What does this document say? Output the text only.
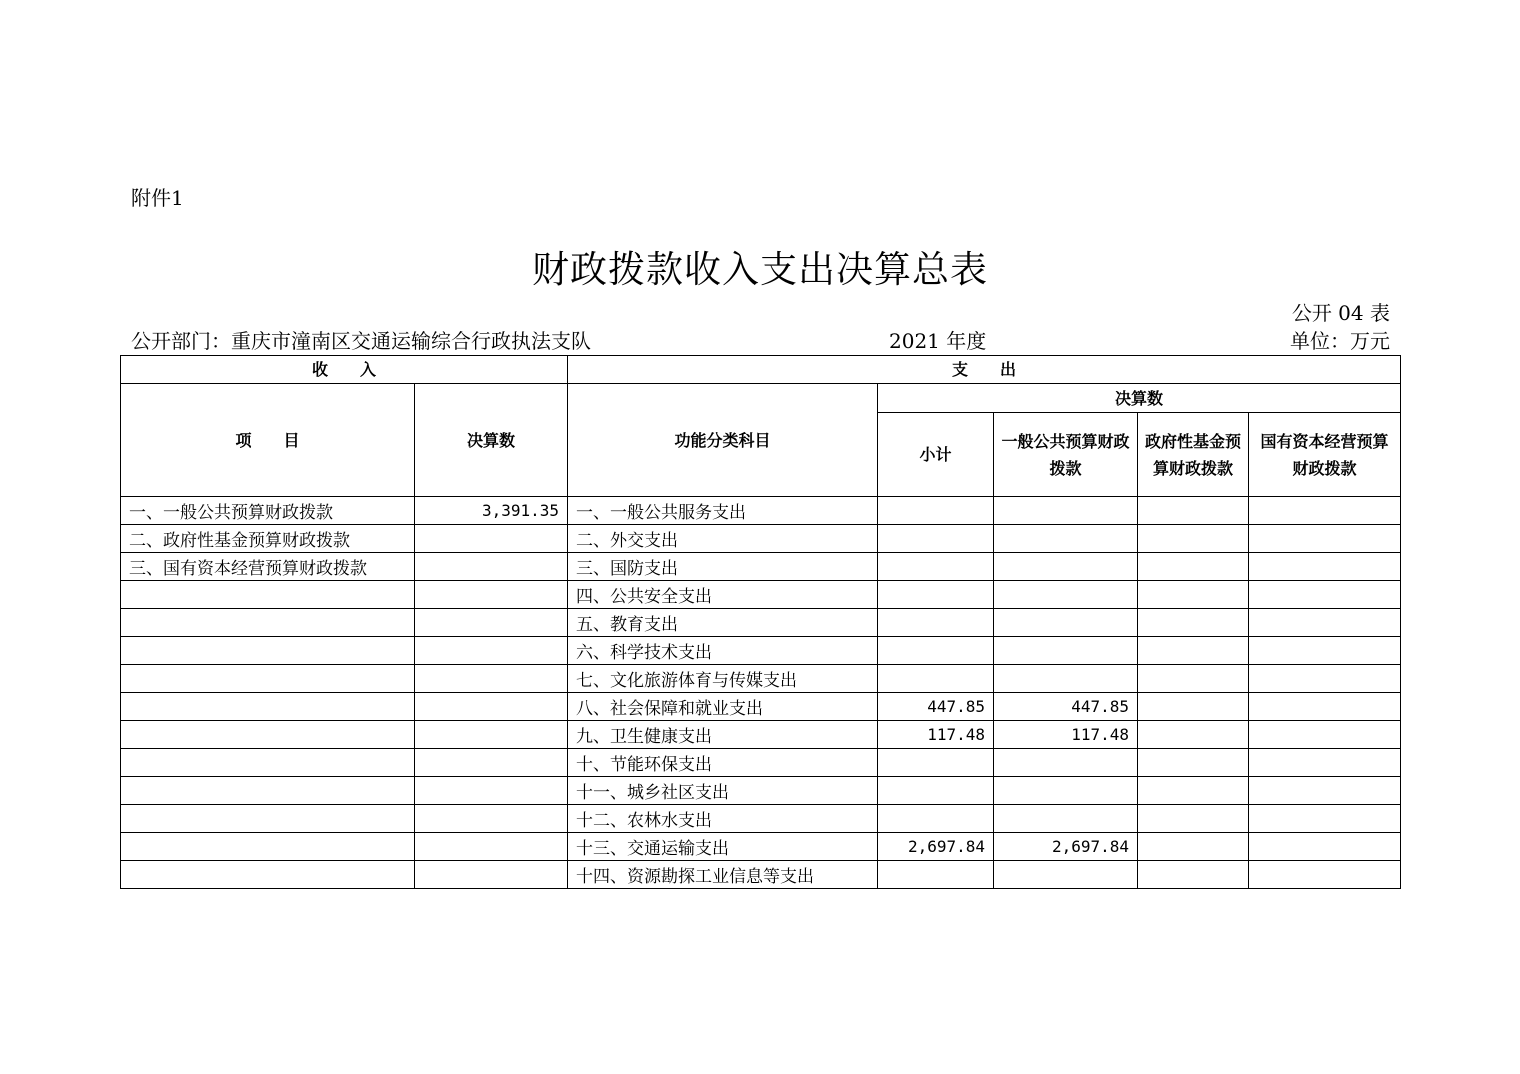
附件1
财政拨款收入支出决算总表
公开 04 表
公开部门：重庆市潼南区交通运输综合行政执法支队	2021 年度	单位：万元
收　　入		支　　出				
项　　目	决算数	功能分类科目	决算数			
			小计	一般公共预算财政拨款	政府性基金预算财政拨款	国有资本经营预算财政拨款
一、一般公共预算财政拨款	3,391.35	一、一般公共服务支出				
二、政府性基金预算财政拨款		二、外交支出				
三、国有资本经营预算财政拨款		三、国防支出				
		四、公共安全支出				
		五、教育支出				
		六、科学技术支出				
		七、文化旅游体育与传媒支出				
		八、社会保障和就业支出	447.85	447.85		
		九、卫生健康支出	117.48	117.48		
		十、节能环保支出				
		十一、城乡社区支出				
		十二、农林水支出				
		十三、交通运输支出	2,697.84	2,697.84		
		十四、资源勘探工业信息等支出				
